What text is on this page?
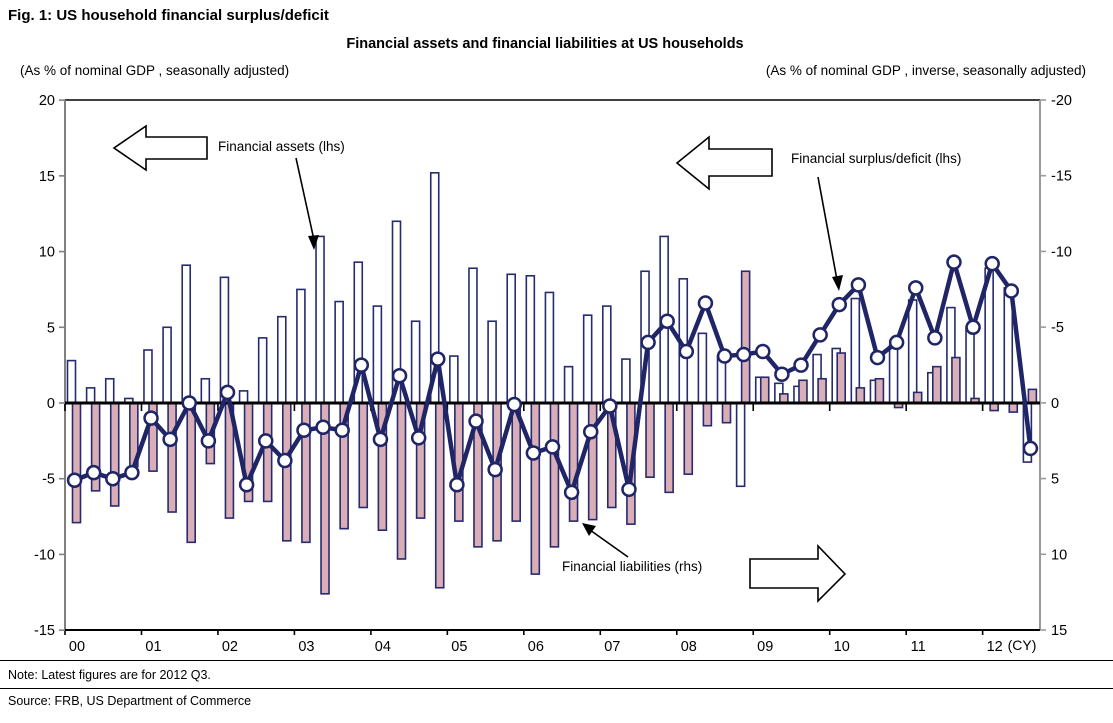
Fig. 1: US household financial surplus/deficit
Financial assets and financial liabilities at US households
(As % of nominal GDP , seasonally adjusted)	(As % of nominal GDP , inverse, seasonally adjusted)
20
15
10
5
0
-5
-10
-15
-20
-15
-10
-5
0
5
10
15
00	01	02	03	04	05	06	07	08	09	10	11	12 (CY)
Financial assets (lhs)
Financial surplus/deficit (lhs)
Financial liabilities (rhs)
Note: Latest figures are for 2012 Q3.
Source: FRB, US Department of Commerce
